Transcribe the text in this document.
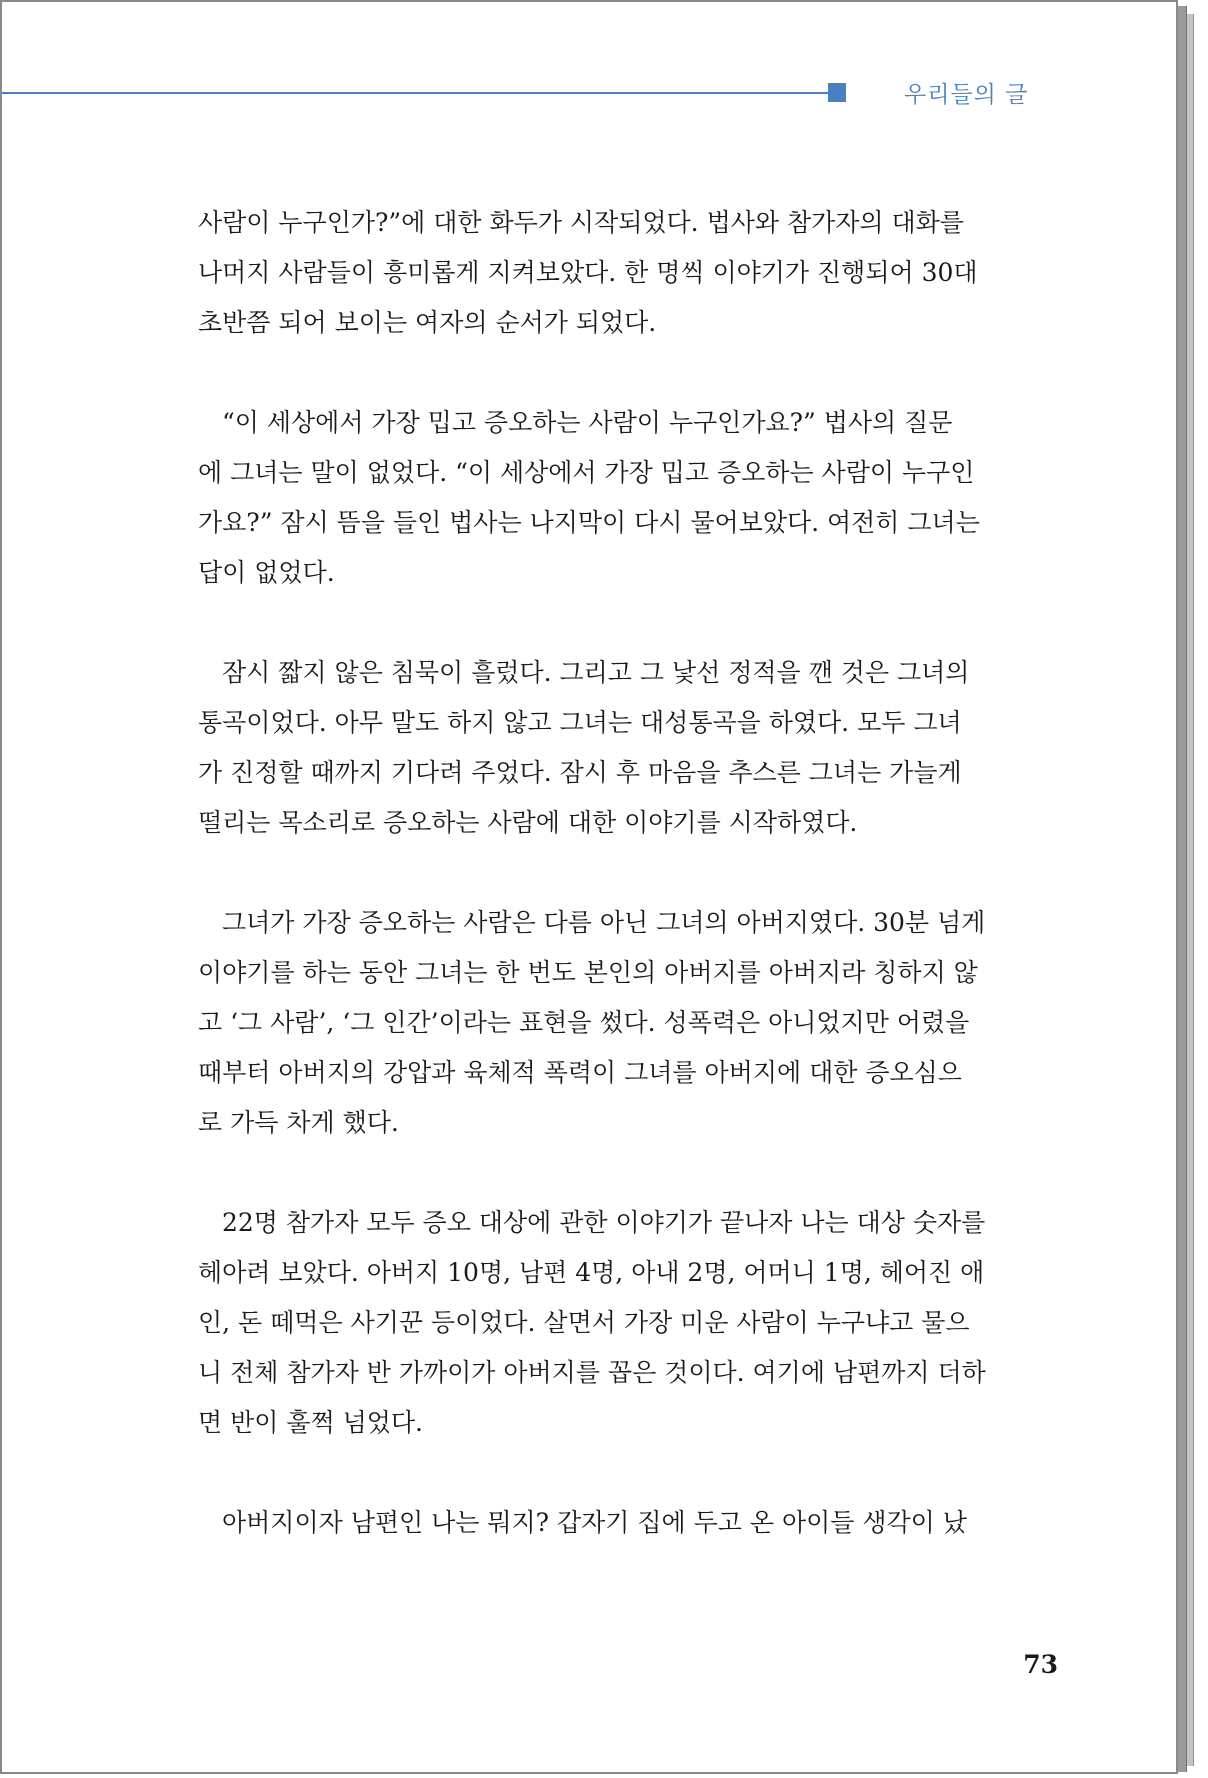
우리들의 글
사람이 누구인가?”에 대한 화두가 시작되었다. 법사와 참가자의 대화를
나머지 사람들이 흥미롭게 지켜보았다. 한 명씩 이야기가 진행되어 30대
초반쯤 되어 보이는 여자의 순서가 되었다.
“이 세상에서 가장 밉고 증오하는 사람이 누구인가요?” 법사의 질문
에 그녀는 말이 없었다. “이 세상에서 가장 밉고 증오하는 사람이 누구인
가요?” 잠시 뜸을 들인 법사는 나지막이 다시 물어보았다. 여전히 그녀는
답이 없었다.
잠시 짧지 않은 침묵이 흘렀다. 그리고 그 낯선 정적을 깬 것은 그녀의
통곡이었다. 아무 말도 하지 않고 그녀는 대성통곡을 하였다. 모두 그녀
가 진정할 때까지 기다려 주었다. 잠시 후 마음을 추스른 그녀는 가늘게
떨리는 목소리로 증오하는 사람에 대한 이야기를 시작하였다.
그녀가 가장 증오하는 사람은 다름 아닌 그녀의 아버지였다. 30분 넘게
이야기를 하는 동안 그녀는 한 번도 본인의 아버지를 아버지라 칭하지 않
고 ‘그 사람’, ‘그 인간’이라는 표현을 썼다. 성폭력은 아니었지만 어렸을
때부터 아버지의 강압과 육체적 폭력이 그녀를 아버지에 대한 증오심으
로 가득 차게 했다.
22명 참가자 모두 증오 대상에 관한 이야기가 끝나자 나는 대상 숫자를
헤아려 보았다. 아버지 10명, 남편 4명, 아내 2명, 어머니 1명, 헤어진 애
인, 돈 떼먹은 사기꾼 등이었다. 살면서 가장 미운 사람이 누구냐고 물으
니 전체 참가자 반 가까이가 아버지를 꼽은 것이다. 여기에 남편까지 더하
면 반이 훌쩍 넘었다.
아버지이자 남편인 나는 뭐지? 갑자기 집에 두고 온 아이들 생각이 났
73
